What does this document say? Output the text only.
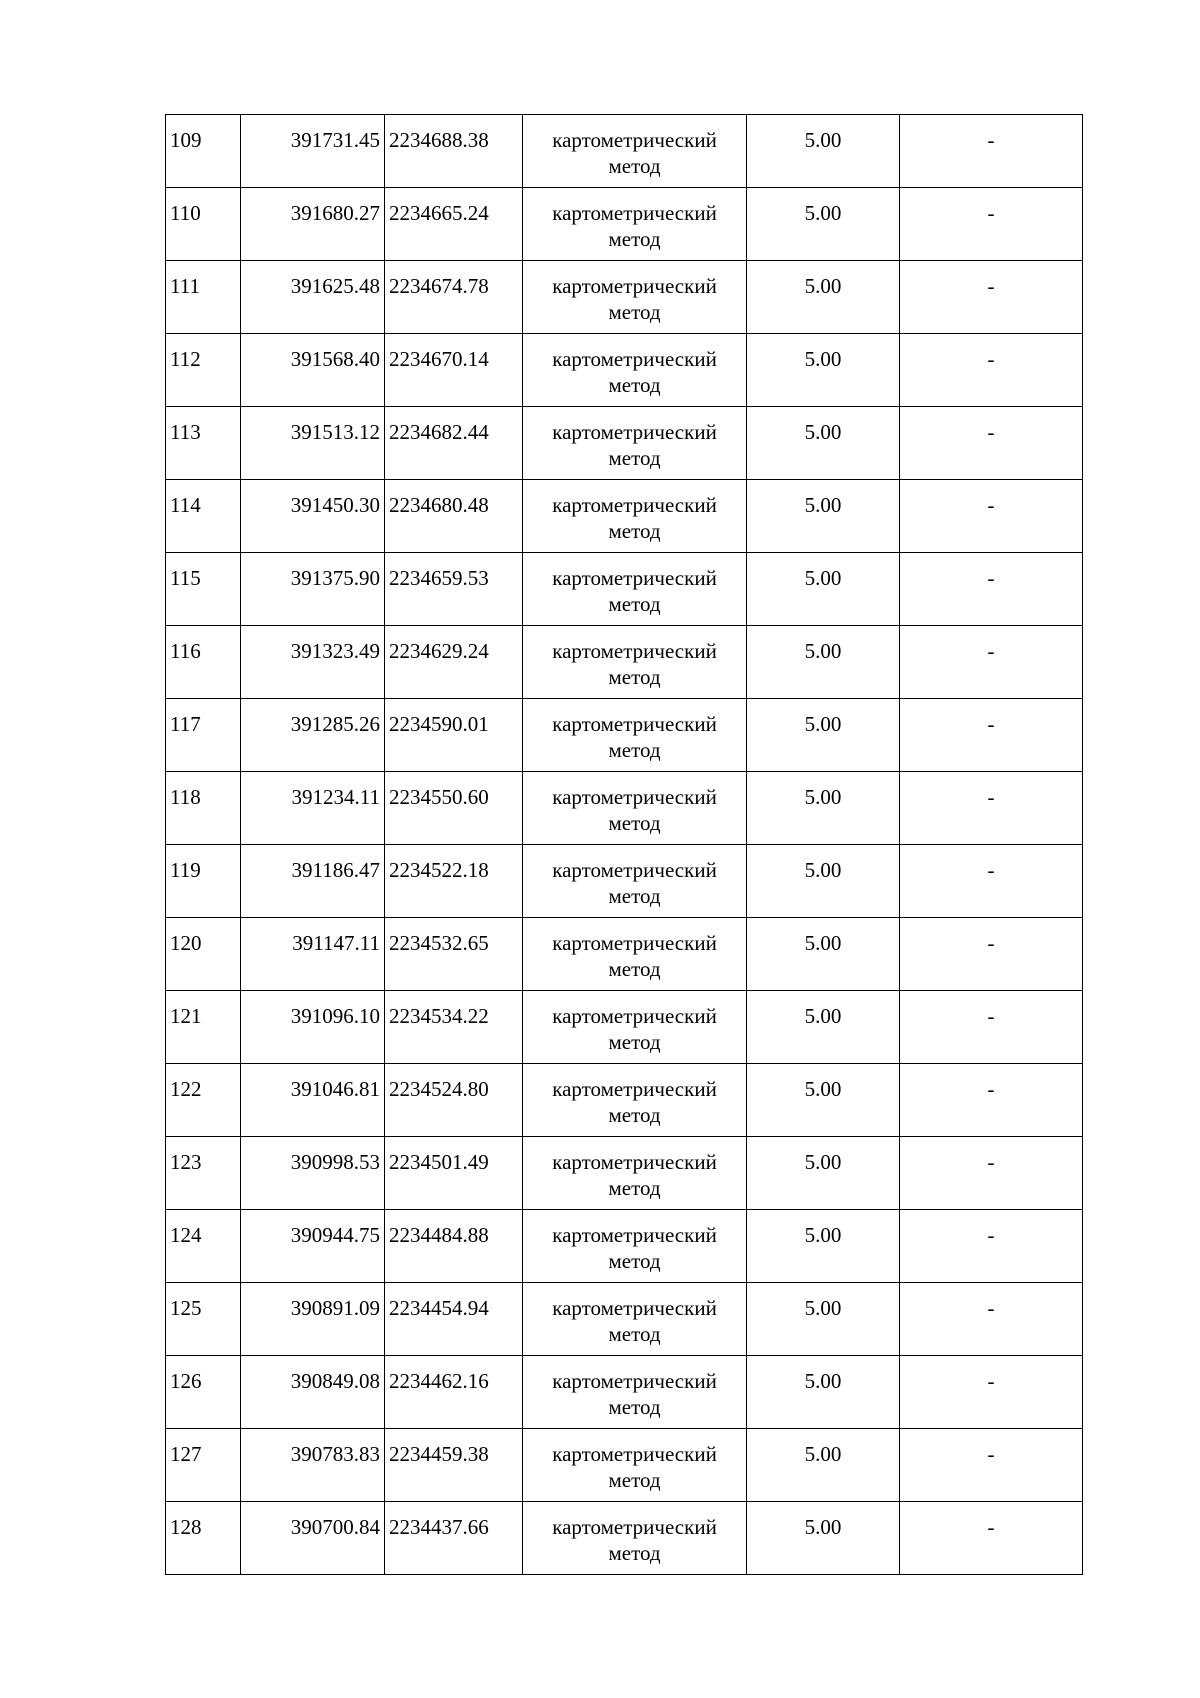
109	391731.45	2234688.38	картометрический метод	5.00	-
110	391680.27	2234665.24	картометрический метод	5.00	-
111	391625.48	2234674.78	картометрический метод	5.00	-
112	391568.40	2234670.14	картометрический метод	5.00	-
113	391513.12	2234682.44	картометрический метод	5.00	-
114	391450.30	2234680.48	картометрический метод	5.00	-
115	391375.90	2234659.53	картометрический метод	5.00	-
116	391323.49	2234629.24	картометрический метод	5.00	-
117	391285.26	2234590.01	картометрический метод	5.00	-
118	391234.11	2234550.60	картометрический метод	5.00	-
119	391186.47	2234522.18	картометрический метод	5.00	-
120	391147.11	2234532.65	картометрический метод	5.00	-
121	391096.10	2234534.22	картометрический метод	5.00	-
122	391046.81	2234524.80	картометрический метод	5.00	-
123	390998.53	2234501.49	картометрический метод	5.00	-
124	390944.75	2234484.88	картометрический метод	5.00	-
125	390891.09	2234454.94	картометрический метод	5.00	-
126	390849.08	2234462.16	картометрический метод	5.00	-
127	390783.83	2234459.38	картометрический метод	5.00	-
128	390700.84	2234437.66	картометрический метод	5.00	-
